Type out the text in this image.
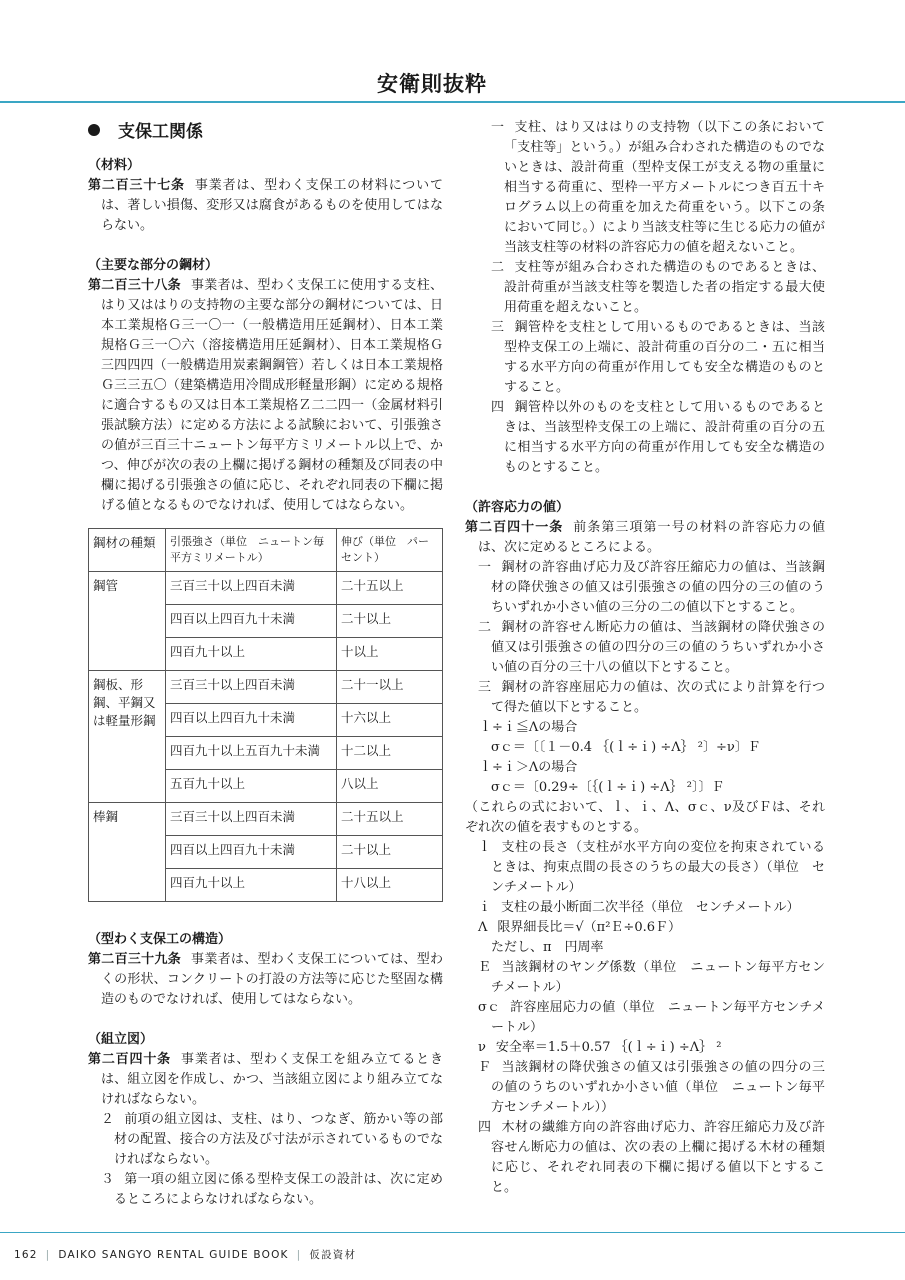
安衛則抜粋
支保工関係

（材料）

第二百三十七条 事業者は、型わく支保工の材料については、著しい損傷、変形又は腐食があるものを使用してはならない。

（主要な部分の鋼材）

第二百三十八条 事業者は、型わく支保工に使用する支柱、はり又ははりの支持物の主要な部分の鋼材については、日本工業規格Ｇ三一〇一（一般構造用圧延鋼材）、日本工業規格Ｇ三一〇六（溶接構造用圧延鋼材）、日本工業規格Ｇ三四四四（一般構造用炭素鋼鋼管）若しくは日本工業規格Ｇ三三五〇（建築構造用冷間成形軽量形鋼）に定める規格に適合するもの又は日本工業規格Ｚ二二四一（金属材料引張試験方法）に定める方法による試験において、引張強さの値が三百三十ニュートン毎平方ミリメートル以上で、かつ、伸びが次の表の上欄に掲げる鋼材の種類及び同表の中欄に掲げる引張強さの値に応じ、それぞれ同表の下欄に掲げる値となるものでなければ、使用してはならない。

鋼材の種類	引張強さ（単位　ニュートン毎平方ミリメートル）	伸び（単位　パーセント）
鋼管	三百三十以上四百未満	二十五以上
	四百以上四百九十未満	二十以上
	四百九十以上	十以上
鋼板、形鋼、平鋼又は軽量形鋼	三百三十以上四百未満	二十一以上
	四百以上四百九十未満	十六以上
	四百九十以上五百九十未満	十二以上
	五百九十以上	八以上
棒鋼	三百三十以上四百未満	二十五以上
	四百以上四百九十未満	二十以上
	四百九十以上	十八以上

（型わく支保工の構造）

第二百三十九条 事業者は、型わく支保工については、型わくの形状、コンクリートの打設の方法等に応じた堅固な構造のものでなければ、使用してはならない。

（組立図）

第二百四十条 事業者は、型わく支保工を組み立てるときは、組立図を作成し、かつ、当該組立図により組み立てなければならない。

２ 前項の組立図は、支柱、はり、つなぎ、筋かい等の部材の配置、接合の方法及び寸法が示されているものでなければならない。

３ 第一項の組立図に係る型枠支保工の設計は、次に定めるところによらなければならない。

一 支柱、はり又ははりの支持物（以下この条において「支柱等」という。）が組み合わされた構造のものでないときは、設計荷重（型枠支保工が支える物の重量に相当する荷重に、型枠一平方メートルにつき百五十キログラム以上の荷重を加えた荷重をいう。以下この条において同じ。）により当該支柱等に生じる応力の値が当該支柱等の材料の許容応力の値を超えないこと。

二 支柱等が組み合わされた構造のものであるときは、設計荷重が当該支柱等を製造した者の指定する最大使用荷重を超えないこと。

三 鋼管枠を支柱として用いるものであるときは、当該型枠支保工の上端に、設計荷重の百分の二・五に相当する水平方向の荷重が作用しても安全な構造のものとすること。

四 鋼管枠以外のものを支柱として用いるものであるときは、当該型枠支保工の上端に、設計荷重の百分の五に相当する水平方向の荷重が作用しても安全な構造のものとすること。

（許容応力の値）

第二百四十一条 前条第三項第一号の材料の許容応力の値は、次に定めるところによる。

一 鋼材の許容曲げ応力及び許容圧縮応力の値は、当該鋼材の降伏強さの値又は引張強さの値の四分の三の値のうちいずれか小さい値の三分の二の値以下とすること。

二 鋼材の許容せん断応力の値は、当該鋼材の降伏強さの値又は引張強さの値の四分の三の値のうちいずれか小さい値の百分の三十八の値以下とすること。

三 鋼材の許容座屈応力の値は、次の式により計算を行つて得た値以下とすること。

ｌ÷ｉ≦Λの場合

σｃ＝〔〔１－0.4 ｛(ｌ÷ｉ) ÷Λ｝ ²〕÷ν〕Ｆ

ｌ÷ｉ＞Λの場合

σｃ＝〔0.29÷〔｛(ｌ÷ｉ) ÷Λ｝ ²〕〕Ｆ

（これらの式において、ｌ、ｉ、Λ、σｃ、ν及びＦは、それぞれ次の値を表すものとする。

ｌ 支柱の長さ（支柱が水平方向の変位を拘束されているときは、拘束点間の長さのうちの最大の長さ）（単位　センチメートル）

ｉ 支柱の最小断面二次半径（単位　センチメートル）

Λ 限界細長比＝√（π²Ｅ÷0.6Ｆ）

ただし、π　円周率

Ｅ 当該鋼材のヤング係数（単位　ニュートン毎平方センチメートル）

σｃ 許容座屈応力の値（単位　ニュートン毎平方センチメートル）

ν 安全率＝1.5＋0.57 ｛(ｌ÷ｉ) ÷Λ｝ ²

Ｆ 当該鋼材の降伏強さの値又は引張強さの値の四分の三の値のうちのいずれか小さい値（単位　ニュートン毎平方センチメートル））

四 木材の繊維方向の許容曲げ応力、許容圧縮応力及び許容せん断応力の値は、次の表の上欄に掲げる木材の種類に応じ、それぞれ同表の下欄に掲げる値以下とすること。

162 | DAIKO SANGYO RENTAL GUIDE BOOK | 仮設資材
